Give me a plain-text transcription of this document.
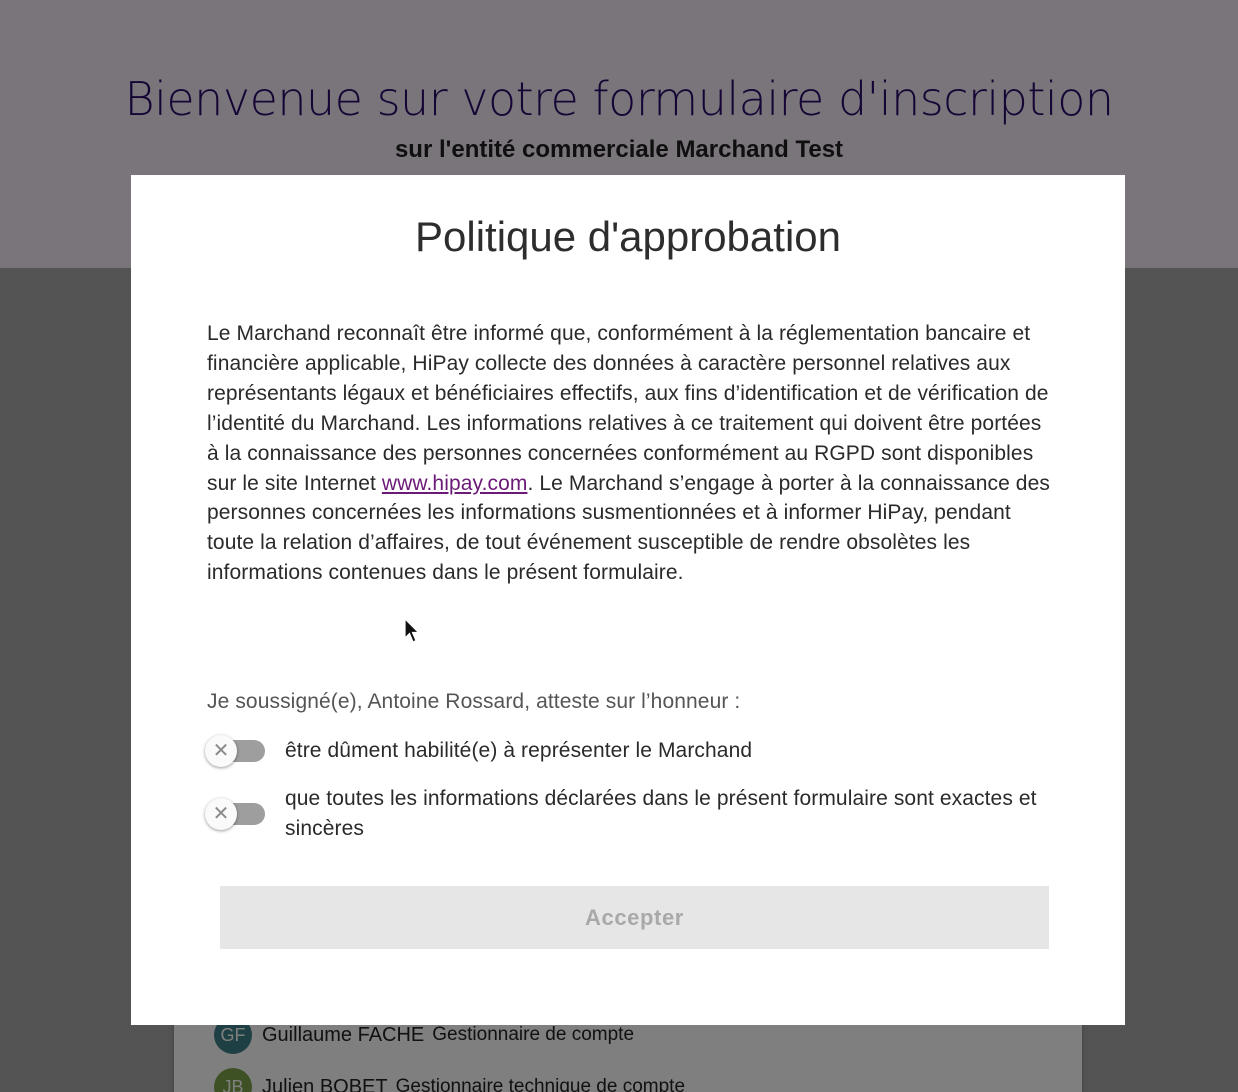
Politique d'approbation

Le Marchand reconnaît être informé que, conformément à la réglementation bancaire et financière applicable, HiPay collecte des données à caractère personnel relatives aux représentants légaux et bénéficiaires effectifs, aux fins d’identification et de vérification de l’identité du Marchand. Les informations relatives à ce traitement qui doivent être portées à la connaissance des personnes concernées conformément au RGPD sont disponibles sur le site Internet www.hipay.com. Le Marchand s’engage à porter à la connaissance des personnes concernées les informations susmentionnées et à informer HiPay, pendant toute la relation d’affaires, de tout événement susceptible de rendre obsolètes les informations contenues dans le présent formulaire.

Je soussigné(e), Antoine Rossard, atteste sur l’honneur :
✕	être dûment habilité(e) à représenter le Marchand
✕
que toutes les informations déclarées dans le présent formulaire sont exactes et sincères
Accepter
